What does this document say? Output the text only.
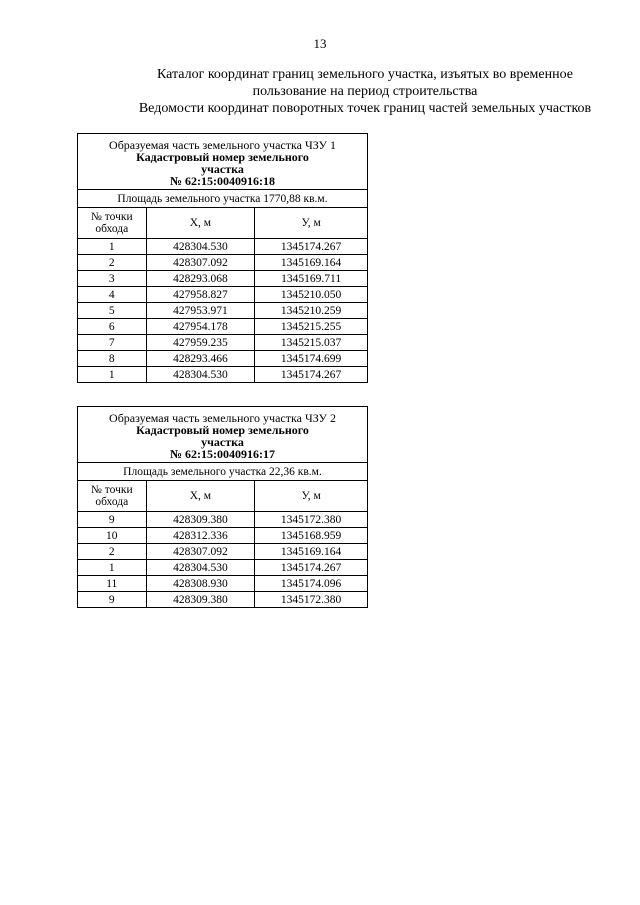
13
Каталог координат границ земельного участка, изъятых во временное
пользование на период строительства
Ведомости координат поворотных точек границ частей земельных участков
Образуемая часть земельного участка ЧЗУ 1
Кадастровый номер земельного
участка
№ 62:15:0040916:18		

Площадь земельного участка 1770,88 кв.м.		
№ точки
обхода	X, м	У, м
1	428304.530	1345174.267
2	428307.092	1345169.164
3	428293.068	1345169.711
4	427958.827	1345210.050
5	427953.971	1345210.259
6	427954.178	1345215.255
7	427959.235	1345215.037
8	428293.466	1345174.699
1	428304.530	1345174.267
Образуемая часть земельного участка ЧЗУ 2
Кадастровый номер земельного
участка
№ 62:15:0040916:17		

Площадь земельного участка 22,36 кв.м.		
№ точки
обхода	X, м	У, м
9	428309.380	1345172.380
10	428312.336	1345168.959
2	428307.092	1345169.164
1	428304.530	1345174.267
11	428308.930	1345174.096
9	428309.380	1345172.380
